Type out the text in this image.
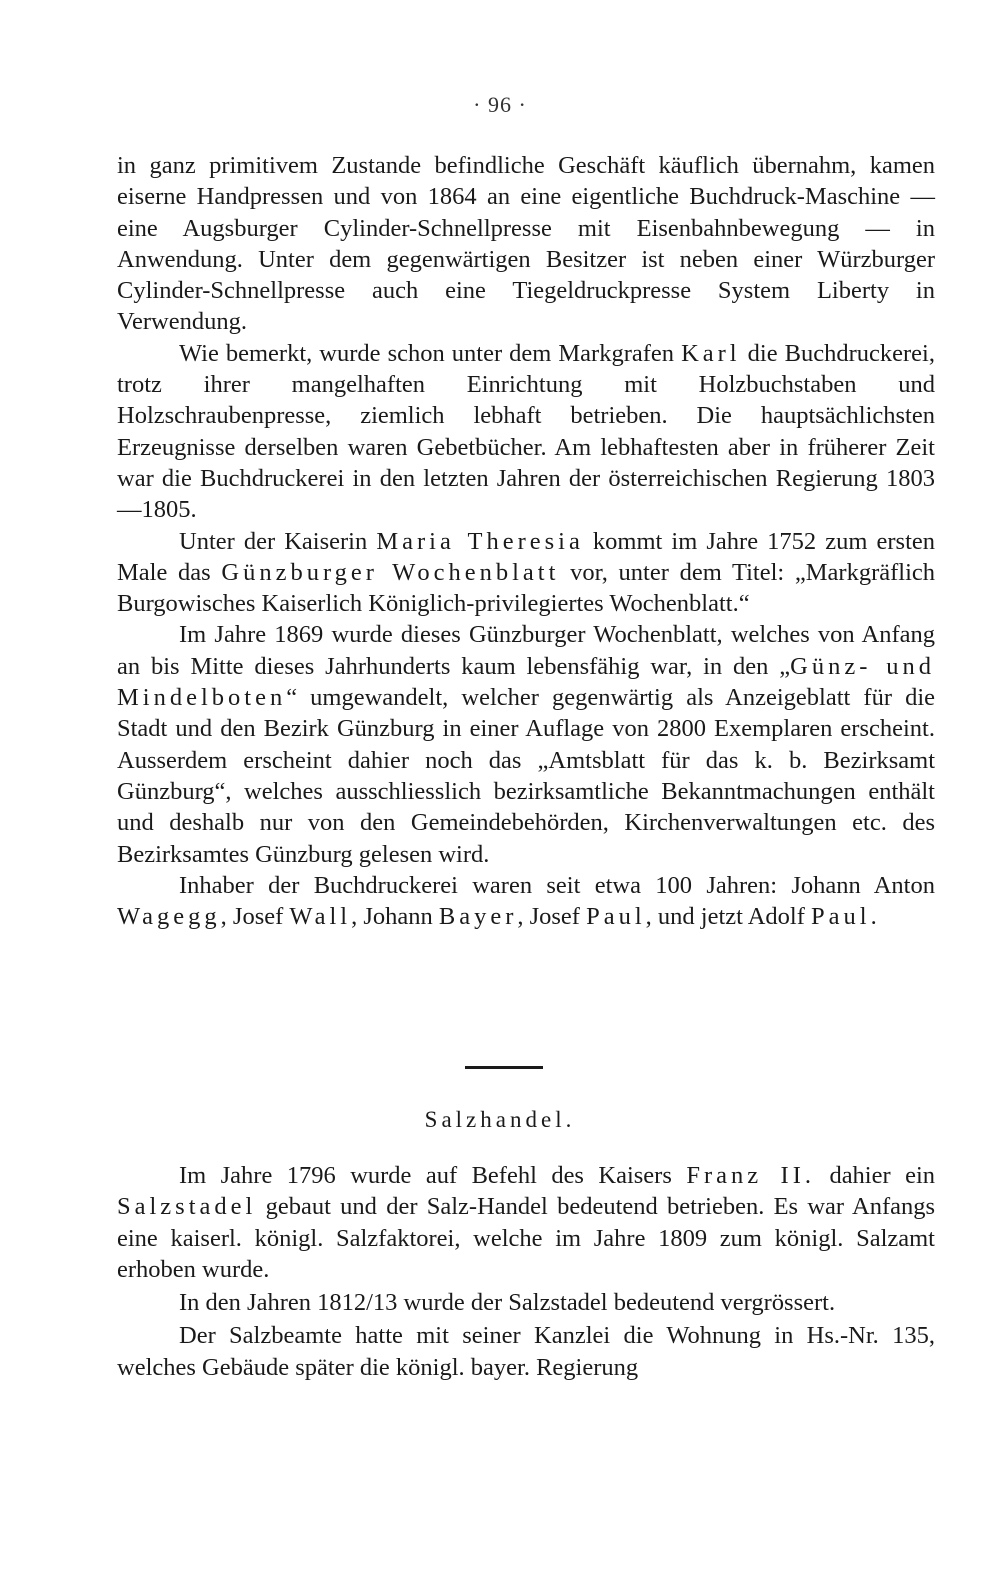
· 96 ·

in ganz primitivem Zustande befindliche Geschäft käuflich übernahm, kamen eiserne Handpressen und von 1864 an eine eigentliche Buchdruck-Maschine — eine Augsburger Cylinder-Schnellpresse mit Eisenbahnbewegung — in Anwendung. Unter dem gegenwärtigen Besitzer ist neben einer Würzburger Cylinder-Schnellpresse auch eine Tiegeldruckpresse System Liberty in Verwendung.

Wie bemerkt, wurde schon unter dem Markgrafen Karl die Buchdruckerei, trotz ihrer mangelhaften Einrichtung mit Holzbuchstaben und Holzschraubenpresse, ziemlich lebhaft betrieben. Die hauptsächlichsten Erzeugnisse derselben waren Gebetbücher. Am lebhaftesten aber in früherer Zeit war die Buchdruckerei in den letzten Jahren der österreichischen Regierung 1803—1805.

Unter der Kaiserin Maria Theresia kommt im Jahre 1752 zum ersten Male das Günzburger Wochenblatt vor, unter dem Titel: „Markgräflich Burgowisches Kaiserlich Königlich-privilegiertes Wochenblatt.“

Im Jahre 1869 wurde dieses Günzburger Wochenblatt, welches von Anfang an bis Mitte dieses Jahrhunderts kaum lebensfähig war, in den „Günz- und Mindelboten“ umgewandelt, welcher gegenwärtig als Anzeigeblatt für die Stadt und den Bezirk Günzburg in einer Auflage von 2800 Exemplaren erscheint. Ausserdem erscheint dahier noch das „Amtsblatt für das k. b. Bezirksamt Günzburg“, welches ausschliesslich bezirksamtliche Bekanntmachungen enthält und deshalb nur von den Gemeindebehörden, Kirchenverwaltungen etc. des Bezirksamtes Günzburg gelesen wird.

Inhaber der Buchdruckerei waren seit etwa 100 Jahren: Johann Anton Wagegg, Josef Wall, Johann Bayer, Josef Paul, und jetzt Adolf Paul.

Salzhandel.

Im Jahre 1796 wurde auf Befehl des Kaisers Franz II. dahier ein Salzstadel gebaut und der Salz-Handel bedeutend betrieben. Es war Anfangs eine kaiserl. königl. Salzfaktorei, welche im Jahre 1809 zum königl. Salzamt erhoben wurde.

In den Jahren 1812/13 wurde der Salzstadel bedeutend vergrössert.

Der Salzbeamte hatte mit seiner Kanzlei die Wohnung in Hs.-Nr. 135, welches Gebäude später die königl. bayer. Regierung
